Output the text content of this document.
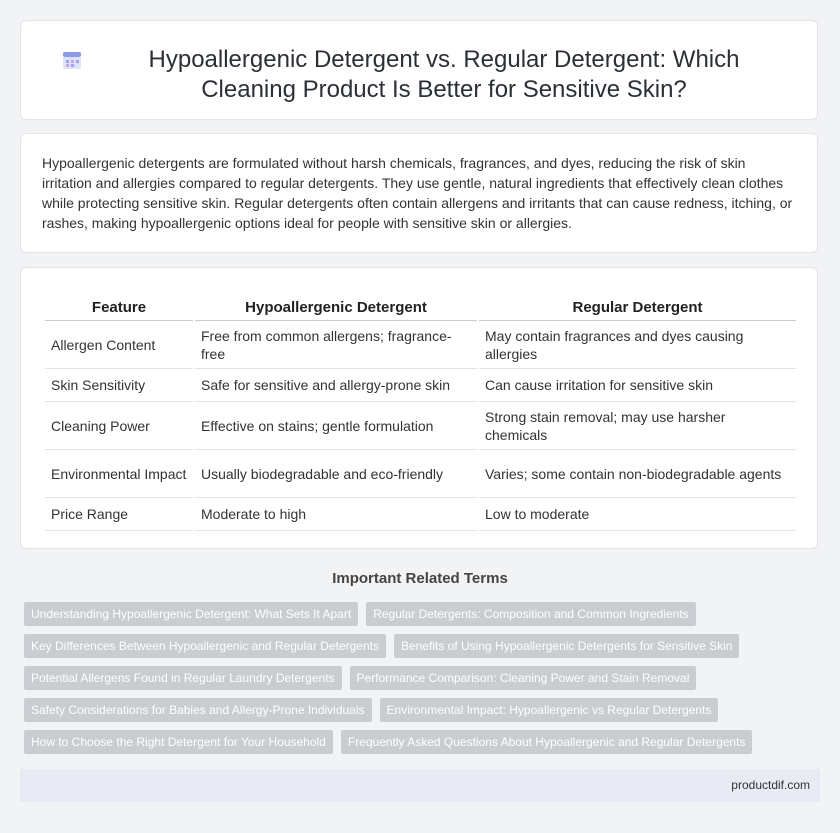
Hypoallergenic Detergent vs. Regular Detergent: Which Cleaning Product Is Better for Sensitive Skin?

Hypoallergenic detergents are formulated without harsh chemicals, fragrances, and dyes, reducing the risk of skin irritation and allergies compared to regular detergents. They use gentle, natural ingredients that effectively clean clothes while protecting sensitive skin. Regular detergents often contain allergens and irritants that can cause redness, itching, or rashes, making hypoallergenic options ideal for people with sensitive skin or allergies.

Feature	Hypoallergenic Detergent	Regular Detergent
Allergen Content	Free from common allergens; fragrance-free	May contain fragrances and dyes causing allergies
Skin Sensitivity	Safe for sensitive and allergy-prone skin	Can cause irritation for sensitive skin
Cleaning Power	Effective on stains; gentle formulation	Strong stain removal; may use harsher chemicals
Environmental Impact	Usually biodegradable and eco-friendly	Varies; some contain non-biodegradable agents
Price Range	Moderate to high	Low to moderate
Important Related Terms
Understanding Hypoallergenic Detergent: What Sets It Apart	Regular Detergents: Composition and Common Ingredients
Key Differences Between Hypoallergenic and Regular Detergents	Benefits of Using Hypoallergenic Detergents for Sensitive Skin
Potential Allergens Found in Regular Laundry Detergents	Performance Comparison: Cleaning Power and Stain Removal
Safety Considerations for Babies and Allergy-Prone Individuals	Environmental Impact: Hypoallergenic vs Regular Detergents
How to Choose the Right Detergent for Your Household	Frequently Asked Questions About Hypoallergenic and Regular Detergents
productdif.com
